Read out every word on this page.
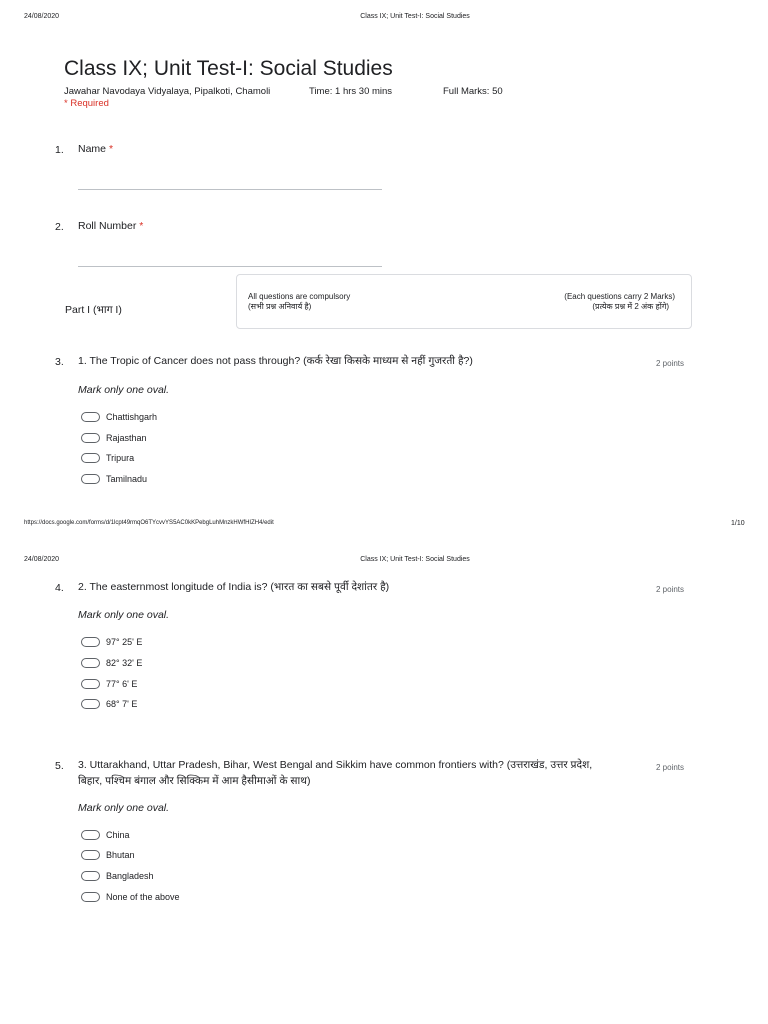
24/08/2020	Class IX; Unit Test-I: Social Studies
Class IX; Unit Test-I: Social Studies
Jawahar Navodaya Vidyalaya, Pipalkoti, Chamoli	Time: 1 hrs 30 mins	Full Marks: 50
* Required
1. Name *
2. Roll Number *
Part I (भाग I)
All questions are compulsory
(सभी प्रश्न अनिवार्य है)
(Each questions carry 2 Marks)
(प्रत्येक प्रश्न में 2 अंक होंगे)
3. 1. The Tropic of Cancer does not pass through? (कर्क रेखा किसके माध्यम से नहीं गुजरती है?)	2 points
Mark only one oval.
Chattishgarh
Rajasthan
Tripura
Tamilnadu
https://docs.google.com/forms/d/1lcpt49rmqO6TYcvvYS5AC0kKPebgLuhMnzkHWfHIZH4/edit	1/10
24/08/2020	Class IX; Unit Test-I: Social Studies
4. 2. The easternmost longitude of India is? (भारत का सबसे पूर्वी देशांतर है)	2 points
Mark only one oval.
97° 25' E
82° 32' E
77° 6' E
68° 7' E
5. 3. Uttarakhand, Uttar Pradesh, Bihar, West Bengal and Sikkim have common frontiers with? (उत्तराखंड, उत्तर प्रदेश,
बिहार, पश्चिम बंगाल और सिक्किम में आम हैसीमाओं के साथ)
2 points
Mark only one oval.
China
Bhutan
Bangladesh
None of the above
